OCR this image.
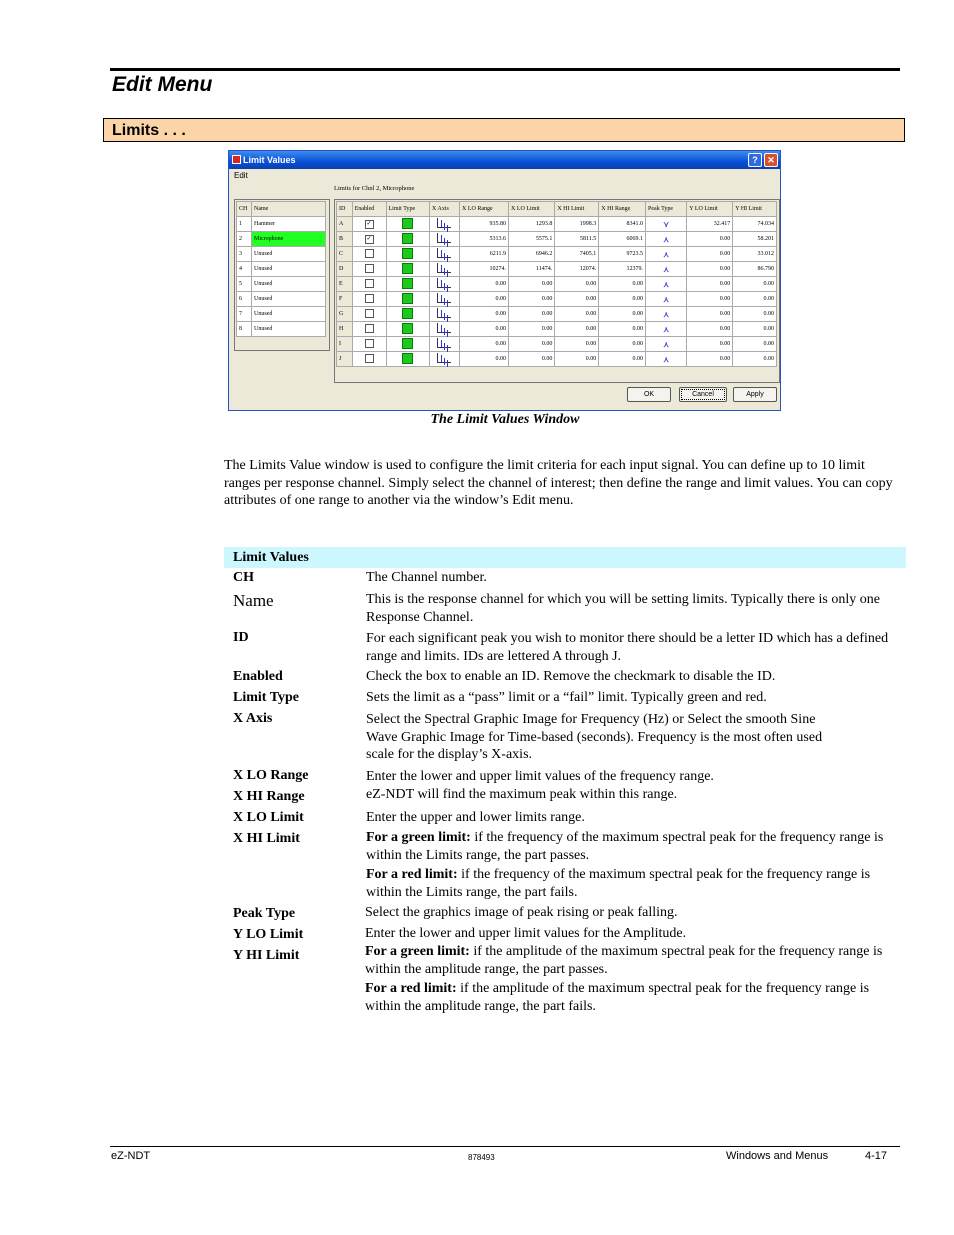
Edit Menu
Limits . . .
Limit Values	?	✕
Edit
Limits for Chnl 2, Microphone
CH	Name
1	Hammer
2	Microphone
3	Unused
4	Unused
5	Unused
6	Unused
7	Unused
8	Unused
ID	Enabled	Limit Type	X Axis	X LO Range	X LO Limit	X HI Limit	X HI Range	Peak Type	Y LO Limit	Y HI Limit
A	✓			935.80	1293.8	1998.3	8341.0	⋎	32.417	74.034
B	✓			5313.6	5575.1	5811.5	6069.1	⋏	0.00	58.201
C				6211.9	6946.2	7405.1	9723.5	⋏	0.00	33.012
D				10274.	11474.	12074.	12379.	⋏	0.00	86.790
E				0.00	0.00	0.00	0.00	⋏	0.00	0.00
F				0.00	0.00	0.00	0.00	⋏	0.00	0.00
G				0.00	0.00	0.00	0.00	⋏	0.00	0.00
H				0.00	0.00	0.00	0.00	⋏	0.00	0.00
I				0.00	0.00	0.00	0.00	⋏	0.00	0.00
J				0.00	0.00	0.00	0.00	⋏	0.00	0.00
OK	Cancel	Apply
The Limit Values Window
The Limits Value window is used to configure the limit criteria for each input signal. You can define up to 10 limit ranges per response channel. Simply select the channel of interest; then define the range and limit values. You can copy attributes of one range to another via the window’s Edit menu.
Limit Values
CH	The Channel number.
Name	This is the response channel for which you will be setting limits. Typically there is only one Response Channel.
ID	For each significant peak you wish to monitor there should be a letter ID which has a defined range and limits. IDs are lettered A through J.
Enabled	Check the box to enable an ID. Remove the checkmark to disable the ID.
Limit Type	Sets the limit as a “pass” limit or a “fail” limit. Typically green and red.
X Axis	Select the Spectral Graphic Image for Frequency (Hz) or Select the smooth Sine Wave Graphic Image for Time-based (seconds). Frequency is the most often used scale for the display’s X-axis.
X LO Range	Enter the lower and upper limit values of the frequency range.
X HI Range	eZ-NDT will find the maximum peak within this range.
X LO Limit	Enter the upper and lower limits range.
X HI Limit	For a green limit: if the frequency of the maximum spectral peak for the frequency range is within the Limits range, the part passes.
For a red limit: if the frequency of the maximum spectral peak for the frequency range is within the Limits range, the part fails.
Peak Type	Select the graphics image of peak rising or peak falling.
Y LO Limit	Enter the lower and upper limit values for the Amplitude.
Y HI Limit	For a green limit: if the amplitude of the maximum spectral peak for the frequency range is within the amplitude range, the part passes.
For a red limit: if the amplitude of the maximum spectral peak for the frequency range is within the amplitude range, the part fails.
eZ-NDT	878493	Windows and Menus	4-17
